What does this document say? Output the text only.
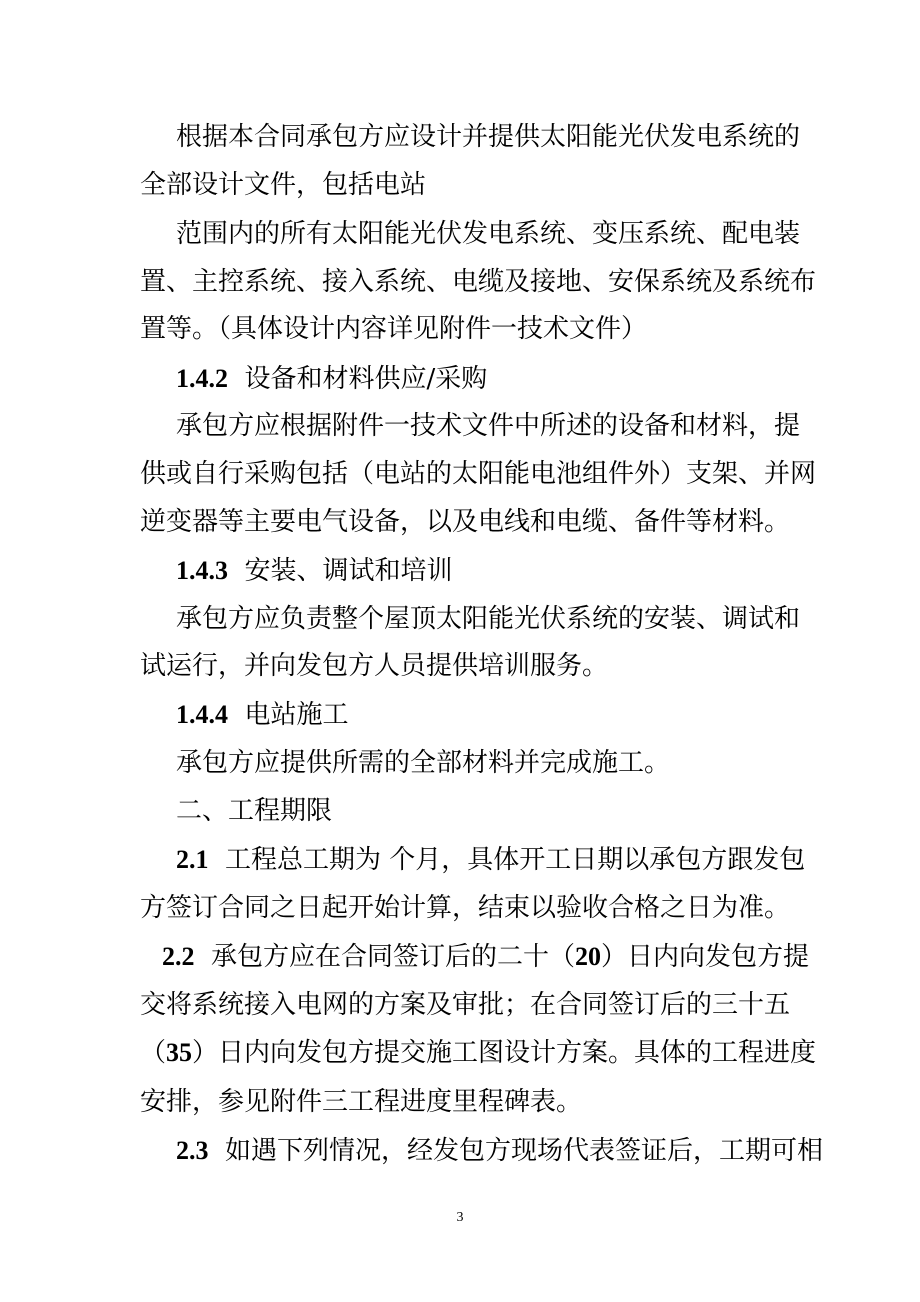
根据本合同承包方应设计并提供太阳能光伏发电系统的

全部设计文件，包括电站

范围内的所有太阳能光伏发电系统、变压系统、配电装

置、主控系统、接入系统、电缆及接地、安保系统及系统布

置等。（具体设计内容详见附件一技术文件）

1.4.2 设备和材料供应/采购

承包方应根据附件一技术文件中所述的设备和材料，提

供或自行采购包括（电站的太阳能电池组件外）支架、并网

逆变器等主要电气设备，以及电线和电缆、备件等材料。

1.4.3 安装、调试和培训

承包方应负责整个屋顶太阳能光伏系统的安装、调试和

试运行，并向发包方人员提供培训服务。

1.4.4 电站施工

承包方应提供所需的全部材料并完成施工。

二、工程期限

2.1 工程总工期为 个月，具体开工日期以承包方跟发包

方签订合同之日起开始计算，结束以验收合格之日为准。

2.2 承包方应在合同签订后的二十（20）日内向发包方提

交将系统接入电网的方案及审批；在合同签订后的三十五

（35）日内向发包方提交施工图设计方案。具体的工程进度

安排，参见附件三工程进度里程碑表。

2.3 如遇下列情况，经发包方现场代表签证后，工期可相

3
